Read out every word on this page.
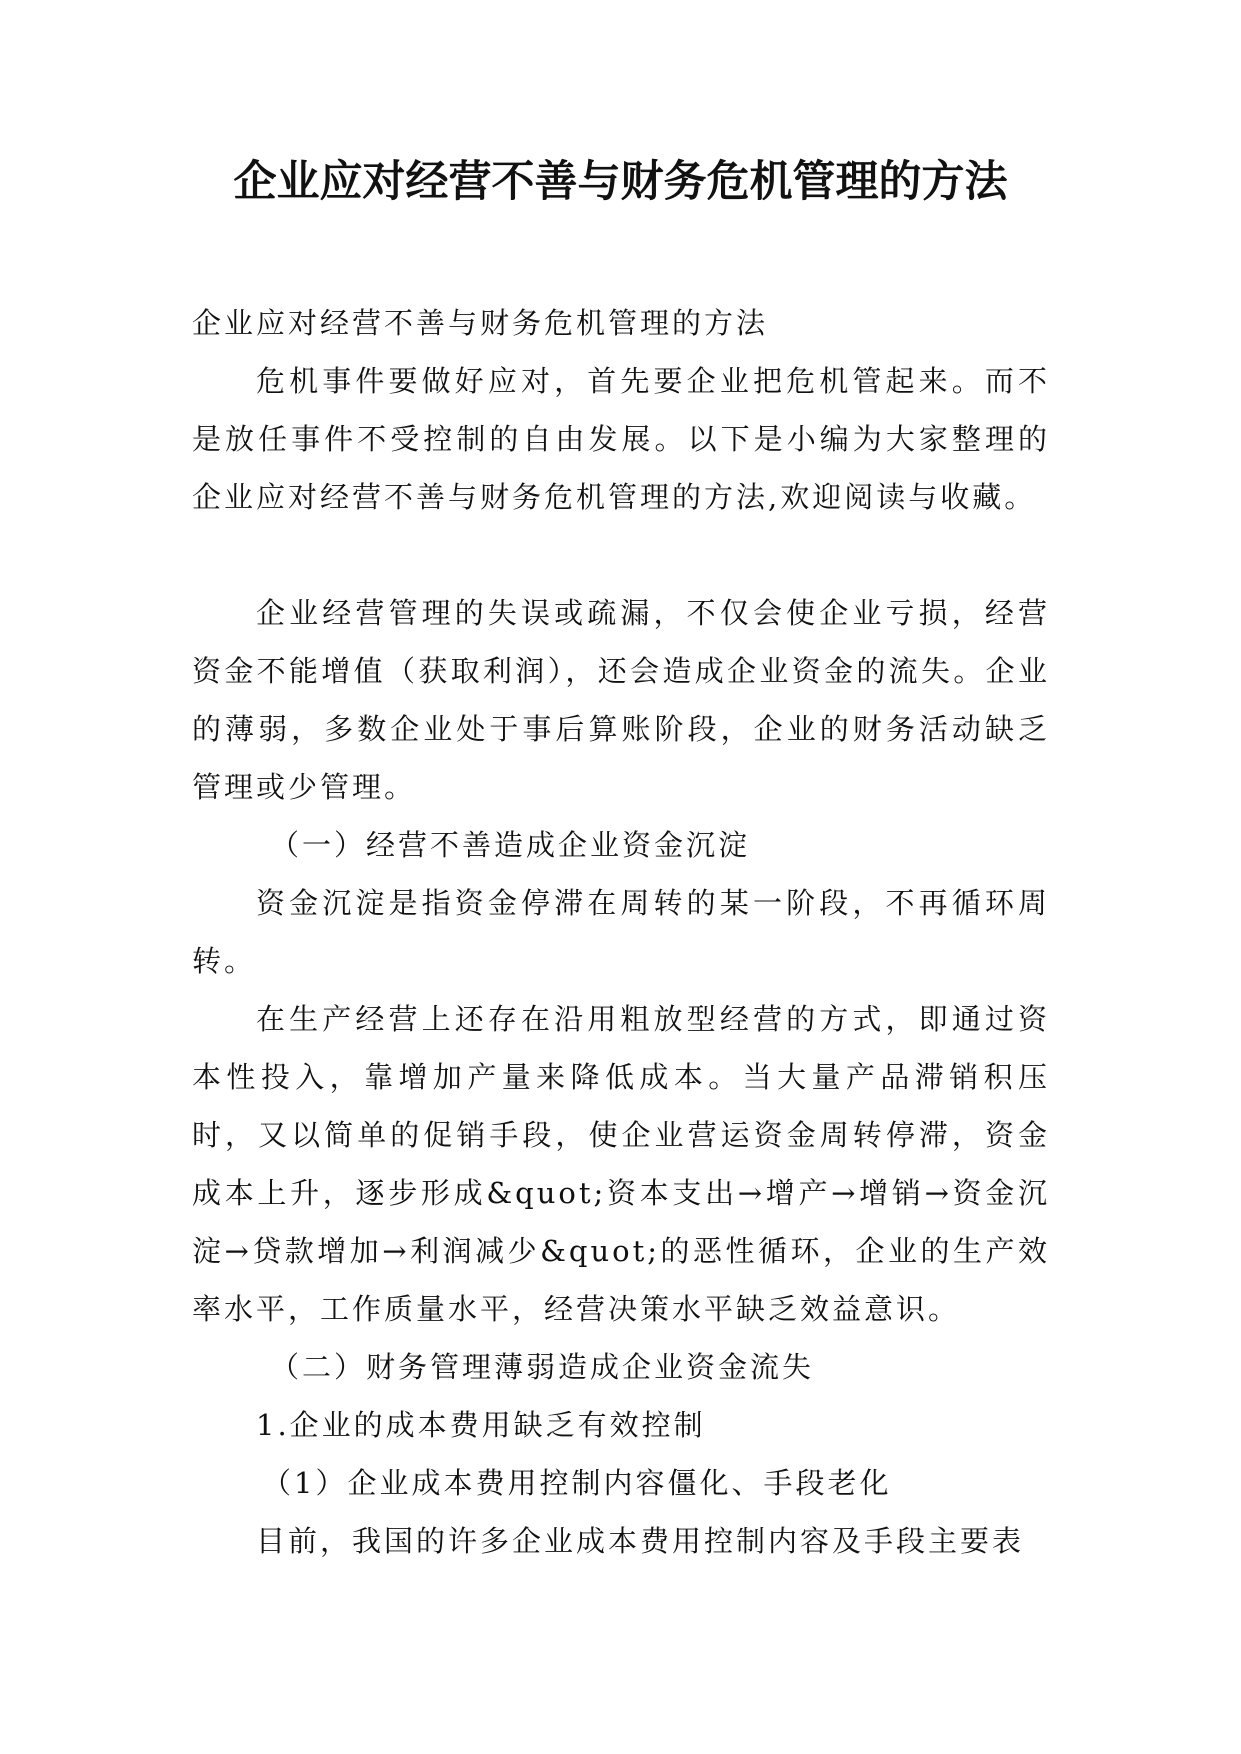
企业应对经营不善与财务危机管理的方法

企业应对经营不善与财务危机管理的方法

危机事件要做好应对，首先要企业把危机管起来。而不是放任事件不受控制的自由发展。以下是小编为大家整理的企业应对经营不善与财务危机管理的方法,欢迎阅读与收藏。

企业经营管理的失误或疏漏，不仅会使企业亏损，经营资金不能增值（获取利润），还会造成企业资金的流失。企业的薄弱，多数企业处于事后算账阶段，企业的财务活动缺乏管理或少管理。

（一）经营不善造成企业资金沉淀

资金沉淀是指资金停滞在周转的某一阶段，不再循环周转。

在生产经营上还存在沿用粗放型经营的方式，即通过资本性投入，靠增加产量来降低成本。当大量产品滞销积压时，又以简单的促销手段，使企业营运资金周转停滞，资金成本上升，逐步形成&quot;资本支出→增产→增销→资金沉淀→贷款增加→利润减少&quot;的恶性循环，企业的生产效率水平，工作质量水平，经营决策水平缺乏效益意识。

（二）财务管理薄弱造成企业资金流失

1.企业的成本费用缺乏有效控制

（1）企业成本费用控制内容僵化、手段老化

目前，我国的许多企业成本费用控制内容及手段主要表
